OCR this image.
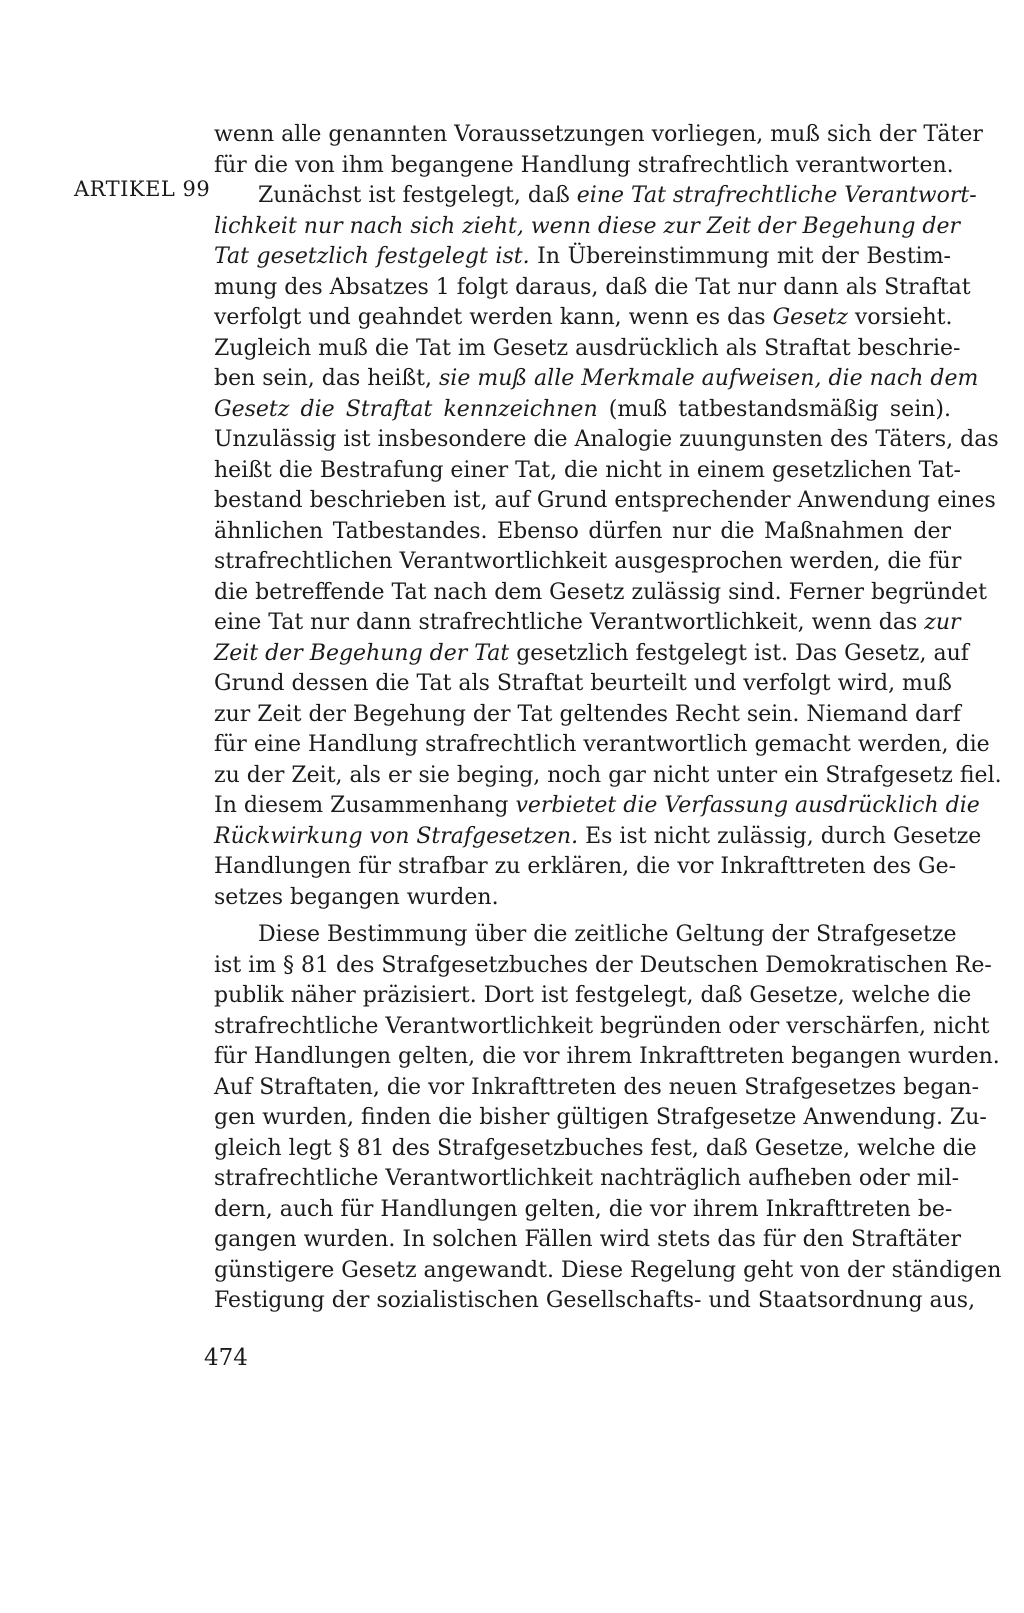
ARTIKEL 99
wenn alle genannten Voraussetzungen vorliegen, muß sich der Täter
für die von ihm begangene Handlung strafrechtlich verantworten.
Zunächst ist festgelegt, daß eine Tat strafrechtliche Verantwort-
lichkeit nur nach sich zieht, wenn diese zur Zeit der Begehung der
Tat gesetzlich festgelegt ist. In Übereinstimmung mit der Bestim-
mung des Absatzes 1 folgt daraus, daß die Tat nur dann als Straftat
verfolgt und geahndet werden kann, wenn es das Gesetz vorsieht.
Zugleich muß die Tat im Gesetz ausdrücklich als Straftat beschrie-
ben sein, das heißt, sie muß alle Merkmale aufweisen, die nach dem
Gesetz die Straftat kennzeichnen (muß tatbestandsmäßig sein).
Unzulässig ist insbesondere die Analogie zuungunsten des Täters, das
heißt die Bestrafung einer Tat, die nicht in einem gesetzlichen Tat-
bestand beschrieben ist, auf Grund entsprechender Anwendung eines
ähnlichen Tatbestandes. Ebenso dürfen nur die Maßnahmen der
strafrechtlichen Verantwortlichkeit ausgesprochen werden, die für
die betreffende Tat nach dem Gesetz zulässig sind. Ferner begründet
eine Tat nur dann strafrechtliche Verantwortlichkeit, wenn das zur
Zeit der Begehung der Tat gesetzlich festgelegt ist. Das Gesetz, auf
Grund dessen die Tat als Straftat beurteilt und verfolgt wird, muß
zur Zeit der Begehung der Tat geltendes Recht sein. Niemand darf
für eine Handlung strafrechtlich verantwortlich gemacht werden, die
zu der Zeit, als er sie beging, noch gar nicht unter ein Strafgesetz fiel.
In diesem Zusammenhang verbietet die Verfassung ausdrücklich die
Rückwirkung von Strafgesetzen. Es ist nicht zulässig, durch Gesetze
Handlungen für strafbar zu erklären, die vor Inkrafttreten des Ge-
setzes begangen wurden.
Diese Bestimmung über die zeitliche Geltung der Strafgesetze
ist im § 81 des Strafgesetzbuches der Deutschen Demokratischen Re-
publik näher präzisiert. Dort ist festgelegt, daß Gesetze, welche die
strafrechtliche Verantwortlichkeit begründen oder verschärfen, nicht
für Handlungen gelten, die vor ihrem Inkrafttreten begangen wurden.
Auf Straftaten, die vor Inkrafttreten des neuen Strafgesetzes began-
gen wurden, finden die bisher gültigen Strafgesetze Anwendung. Zu-
gleich legt § 81 des Strafgesetzbuches fest, daß Gesetze, welche die
strafrechtliche Verantwortlichkeit nachträglich aufheben oder mil-
dern, auch für Handlungen gelten, die vor ihrem Inkrafttreten be-
gangen wurden. In solchen Fällen wird stets das für den Straftäter
günstigere Gesetz angewandt. Diese Regelung geht von der ständigen
Festigung der sozialistischen Gesellschafts- und Staatsordnung aus,
474
